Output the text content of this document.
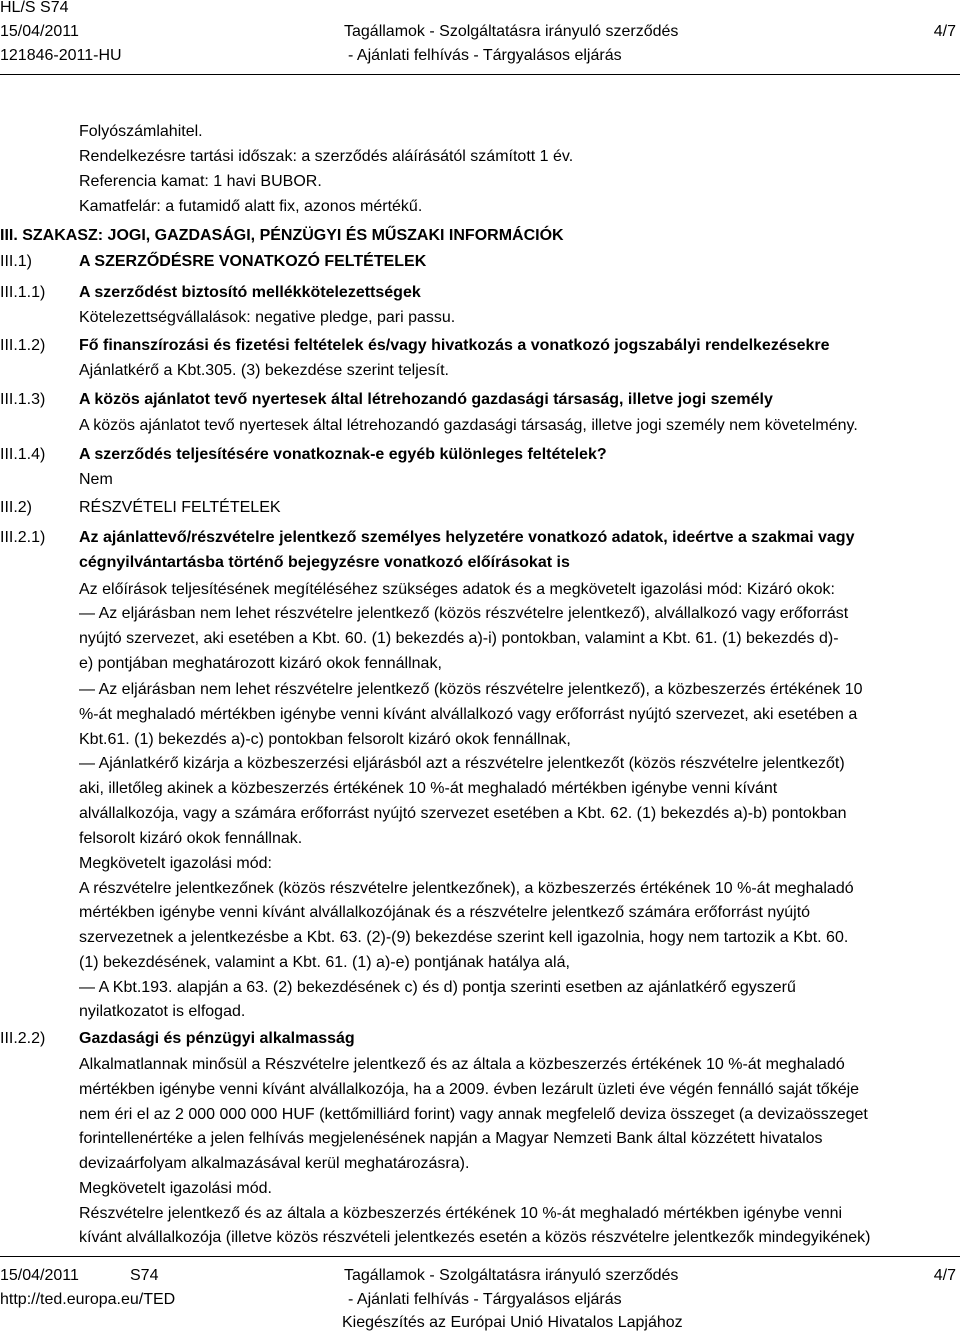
HL/S S74
15/04/2011
121846-2011-HU
Tagállamok - Szolgáltatásra irányuló szerződés
- Ajánlati felhívás - Tárgyalásos eljárás
4/7
Folyószámlahitel.
Rendelkezésre tartási időszak: a szerződés aláírásától számított 1 év.
Referencia kamat: 1 havi BUBOR.
Kamatfelár: a futamidő alatt fix, azonos mértékű.
III. SZAKASZ: JOGI, GAZDASÁGI, PÉNZÜGYI ÉS MŰSZAKI INFORMÁCIÓK
III.1)
III.1.1)
III.1.2)
III.1.3)
III.1.4)
III.2)
III.2.1)
III.2.2)
A SZERZŐDÉSRE VONATKOZÓ FELTÉTELEK
A szerződést biztosító mellékkötelezettségek
Kötelezettségvállalások: negative pledge, pari passu.
Fő finanszírozási és fizetési feltételek és/vagy hivatkozás a vonatkozó jogszabályi rendelkezésekre
Ajánlatkérő a Kbt.305. (3) bekezdése szerint teljesít.
A közös ajánlatot tevő nyertesek által létrehozandó gazdasági társaság, illetve jogi személy
A közös ajánlatot tevő nyertesek által létrehozandó gazdasági társaság, illetve jogi személy nem követelmény.
A szerződés teljesítésére vonatkoznak-e egyéb különleges feltételek?
Nem
RÉSZVÉTELI FELTÉTELEK
Az ajánlattevő/részvételre jelentkező személyes helyzetére vonatkozó adatok, ideértve a szakmai vagy
cégnyilvántartásba történő bejegyzésre vonatkozó előírásokat is
Az előírások teljesítésének megítéléséhez szükséges adatok és a megkövetelt igazolási mód: Kizáró okok:
— Az eljárásban nem lehet részvételre jelentkező (közös részvételre jelentkező), alvállalkozó vagy erőforrást
nyújtó szervezet, aki esetében a Kbt. 60. (1) bekezdés a)-i) pontokban, valamint a Kbt. 61. (1) bekezdés d)-
e) pontjában meghatározott kizáró okok fennállnak,
— Az eljárásban nem lehet részvételre jelentkező (közös részvételre jelentkező), a közbeszerzés értékének 10
%-át meghaladó mértékben igénybe venni kívánt alvállalkozó vagy erőforrást nyújtó szervezet, aki esetében a
Kbt.61. (1) bekezdés a)-c) pontokban felsorolt kizáró okok fennállnak,
— Ajánlatkérő kizárja a közbeszerzési eljárásból azt a részvételre jelentkezőt (közös részvételre jelentkezőt)
aki, illetőleg akinek a közbeszerzés értékének 10 %-át meghaladó mértékben igénybe venni kívánt
alvállalkozója, vagy a számára erőforrást nyújtó szervezet esetében a Kbt. 62. (1) bekezdés a)-b) pontokban
felsorolt kizáró okok fennállnak.
Megkövetelt igazolási mód:
A részvételre jelentkezőnek (közös részvételre jelentkezőnek), a közbeszerzés értékének 10 %-át meghaladó
mértékben igénybe venni kívánt alvállalkozójának és a részvételre jelentkező számára erőforrást nyújtó
szervezetnek a jelentkezésbe a Kbt. 63. (2)-(9) bekezdése szerint kell igazolnia, hogy nem tartozik a Kbt. 60.
(1) bekezdésének, valamint a Kbt. 61. (1) a)-e) pontjának hatálya alá,
— A Kbt.193. alapján a 63. (2) bekezdésének c) és d) pontja szerinti esetben az ajánlatkérő egyszerű
nyilatkozatot is elfogad.
Gazdasági és pénzügyi alkalmasság
Alkalmatlannak minősül a Részvételre jelentkező és az általa a közbeszerzés értékének 10 %-át meghaladó
mértékben igénybe venni kívánt alvállalkozója, ha a 2009. évben lezárult üzleti éve végén fennálló saját tőkéje
nem éri el az 2 000 000 000 HUF (kettőmilliárd forint) vagy annak megfelelő deviza összeget (a devizaösszeget
forintellenértéke a jelen felhívás megjelenésének napján a Magyar Nemzeti Bank által közzétett hivatalos
devizaárfolyam alkalmazásával kerül meghatározásra).
Megkövetelt igazolási mód.
Részvételre jelentkező és az általa a közbeszerzés értékének 10 %-át meghaladó mértékben igénybe venni
kívánt alvállalkozója (illetve közös részvételi jelentkezés esetén a közös részvételre jelentkezők mindegyikének)
15/04/2011	S74
http://ted.europa.eu/TED
Tagállamok - Szolgáltatásra irányuló szerződés
- Ajánlati felhívás - Tárgyalásos eljárás
Kiegészítés az Európai Unió Hivatalos Lapjához
4/7
